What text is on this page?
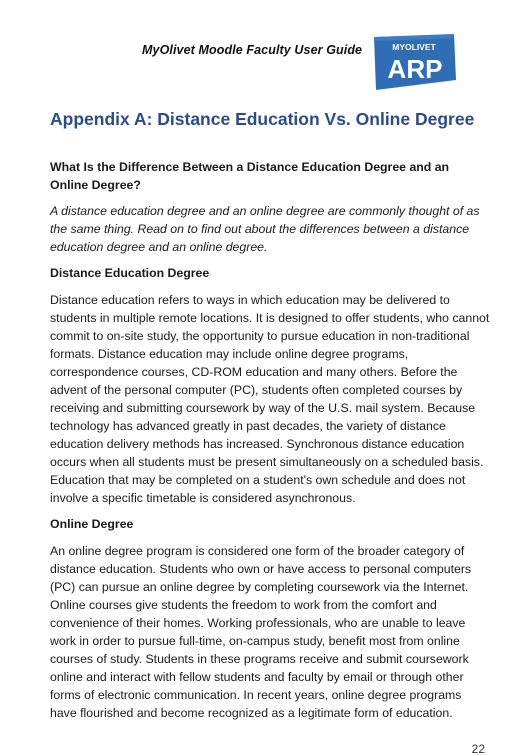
MyOlivet Moodle Faculty User Guide	MYOLIVET
ARP
Appendix A: Distance Education Vs. Online Degree
What Is the Difference Between a Distance Education Degree and an Online Degree?
A distance education degree and an online degree are commonly thought of as the same thing. Read on to find out about the differences between a distance education degree and an online degree.
Distance Education Degree

Distance education refers to ways in which education may be delivered to students in multiple remote locations. It is designed to offer students, who cannot commit to on-site study, the opportunity to pursue education in non-traditional formats. Distance education may include online degree programs, correspondence courses, CD-ROM education and many others. Before the advent of the personal computer (PC), students often completed courses by receiving and submitting coursework by way of the U.S. mail system. Because technology has advanced greatly in past decades, the variety of distance education delivery methods has increased. Synchronous distance education occurs when all students must be present simultaneously on a scheduled basis. Education that may be completed on a student's own schedule and does not involve a specific timetable is considered asynchronous.

Online Degree

An online degree program is considered one form of the broader category of distance education. Students who own or have access to personal computers (PC) can pursue an online degree by completing coursework via the Internet. Online courses give students the freedom to work from the comfort and convenience of their homes. Working professionals, who are unable to leave work in order to pursue full-time, on-campus study, benefit most from online courses of study. Students in these programs receive and submit coursework online and interact with fellow students and faculty by email or through other forms of electronic communication. In recent years, online degree programs have flourished and become recognized as a legitimate form of education.

22
